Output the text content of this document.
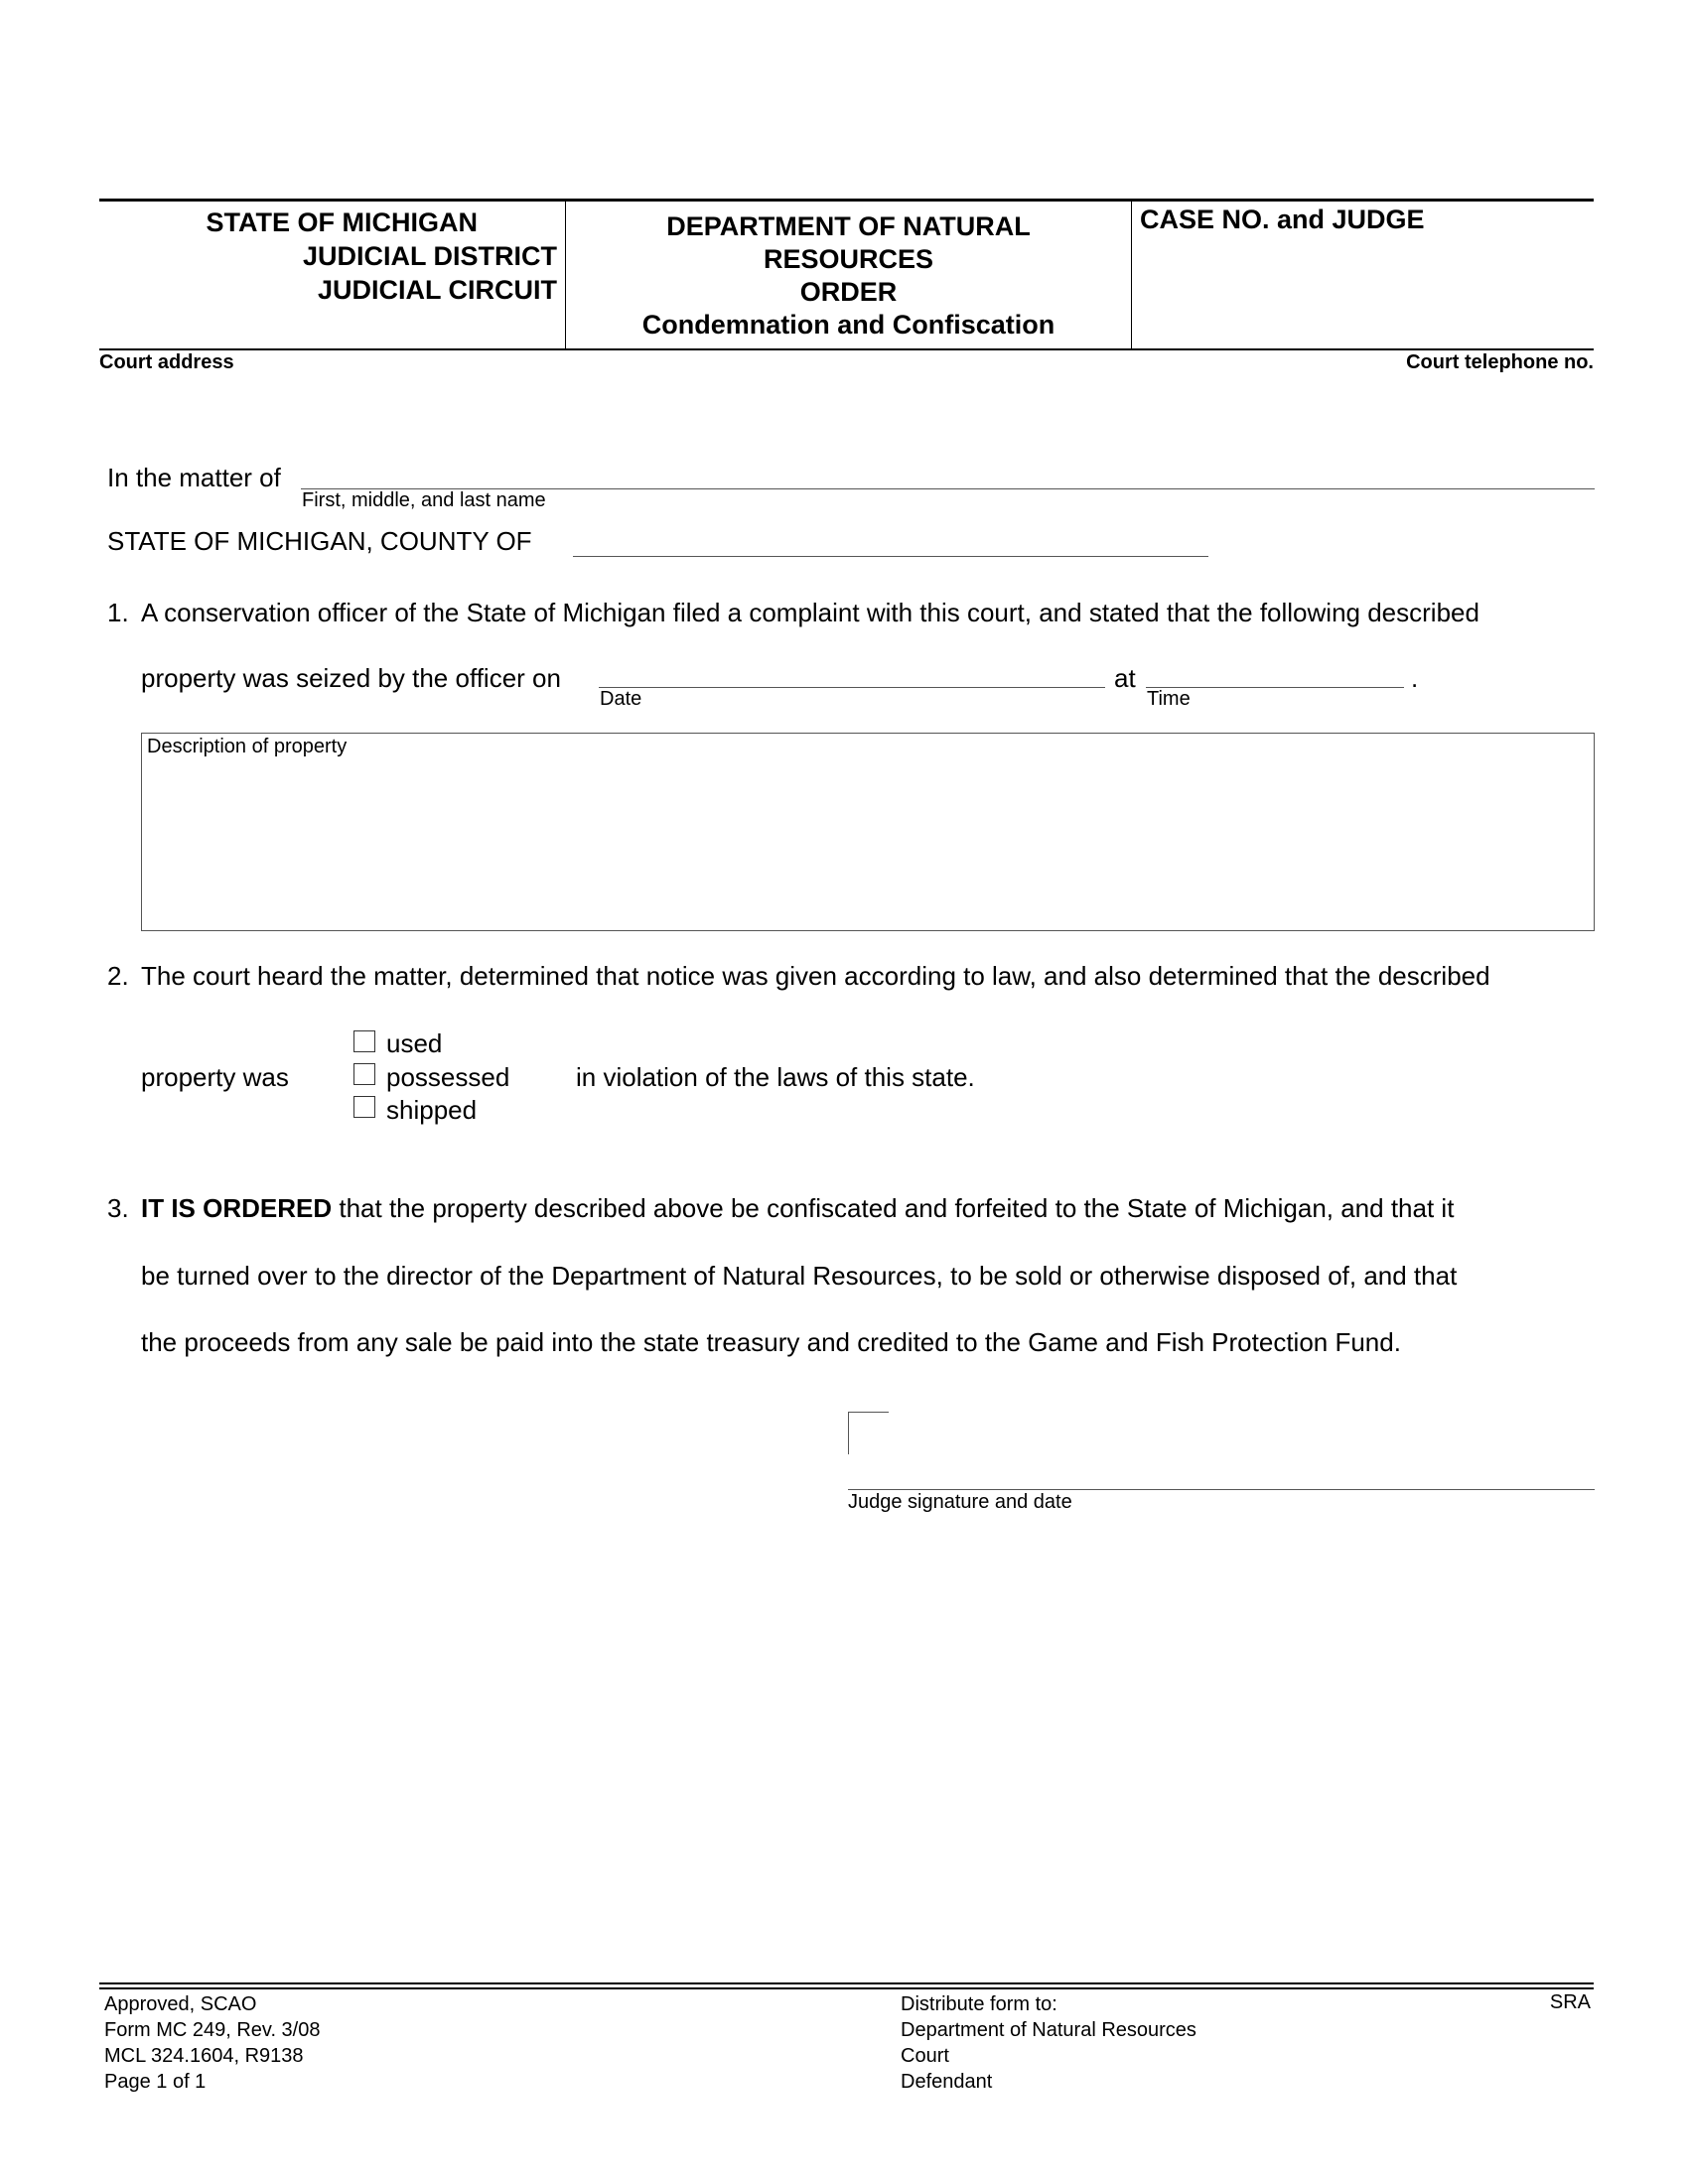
STATE OF MICHIGAN
JUDICIAL DISTRICT
JUDICIAL CIRCUIT
DEPARTMENT OF NATURAL
RESOURCES
ORDER
Condemnation and Confiscation
CASE NO. and JUDGE
Court address	Court telephone no.
In the matter of
First, middle, and last name
STATE OF MICHIGAN, COUNTY OF
1. A conservation officer of the State of Michigan filed a complaint with this court, and stated that the following described
property was seized by the officer on
Date
at
Time
.
Description of property
2. The court heard the matter, determined that notice was given according to law, and also determined that the described
property was
used
possessed
shipped
in violation of the laws of this state.
3. IT IS ORDERED that the property described above be confiscated and forfeited to the State of Michigan, and that it
be turned over to the director of the Department of Natural Resources, to be sold or otherwise disposed of, and that
the proceeds from any sale be paid into the state treasury and credited to the Game and Fish Protection Fund.
Judge signature and date
Approved, SCAO
Form MC 249, Rev. 3/08
MCL 324.1604, R9138
Page 1 of 1
Distribute form to:
Department of Natural Resources
Court
Defendant
SRA
